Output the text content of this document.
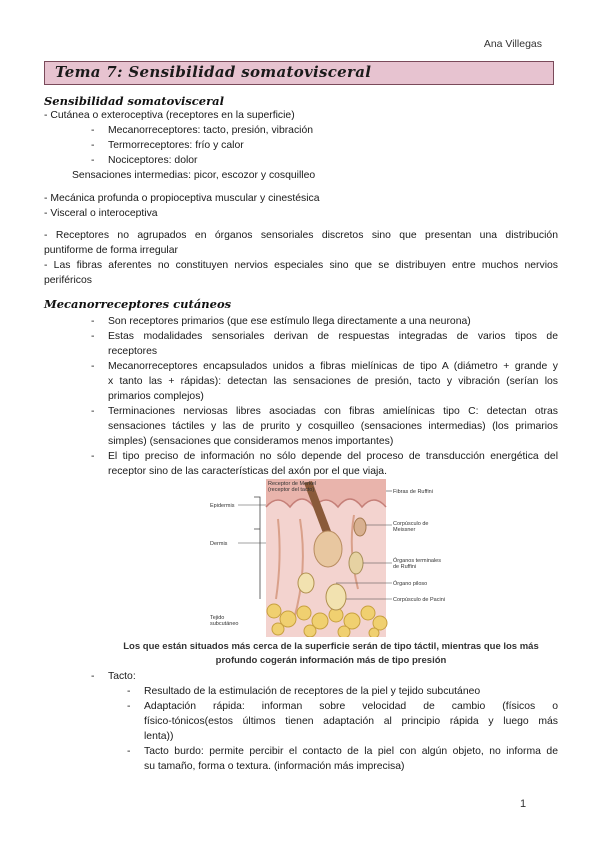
Ana Villegas
Tema 7: Sensibilidad somatovisceral
Sensibilidad somatovisceral
- Cutánea o exteroceptiva (receptores en la superficie)
- Mecanorreceptores: tacto, presión, vibración
- Termorreceptores: frío y calor
- Nociceptores: dolor
Sensaciones intermedias: picor, escozor y cosquilleo
- Mecánica profunda o propioceptiva muscular y cinestésica
- Visceral o interoceptiva
- Receptores no agrupados en órganos sensoriales discretos sino que presentan una distribución
puntiforme de forma irregular
- Las fibras aferentes no constituyen nervios especiales sino que se distribuyen entre muchos nervios
periféricos
Mecanorreceptores cutáneos
- Son receptores primarios (que ese estímulo llega directamente a una neurona)
- Estas modalidades sensoriales derivan de respuestas integradas de varios tipos de
receptores
- Mecanorreceptores encapsulados unidos a fibras mielínicas de tipo A (diámetro + grande y
x tanto las + rápidas): detectan las sensaciones de presión, tacto y vibración (serían los
primarios complejos)
- Terminaciones nerviosas libres asociadas con fibras amielínicas tipo C: detectan otras
sensaciones táctiles y las de prurito y cosquilleo (sensaciones intermedias) (los primarios
simples) (sensaciones que consideramos menos importantes)
- El tipo preciso de información no sólo depende del proceso de transducción energética del
receptor sino de las características del axón por el que viaja.
Receptor de Merkel
(receptor del tacto)	Fibras de Ruffini
Epidermis
Dermis
Corpúsculo de
Meissner
Órganos terminales
de Ruffini
Órgano piloso
Corpúsculo de Pacini
Tejido
subcutáneo
Los que están situados más cerca de la superficie serán de tipo táctil, mientras que los más
profundo cogerán información más de tipo presión
- Tacto:
- Resultado de la estimulación de receptores de la piel y tejido subcutáneo
- Adaptación rápida: informan sobre velocidad de cambio (físicos o
físico-tónicos(estos últimos tienen adaptación al principio rápida y luego más
lenta))
- Tacto burdo: permite percibir el contacto de la piel con algún objeto, no informa de
su tamaño, forma o textura. (información más imprecisa)
1
